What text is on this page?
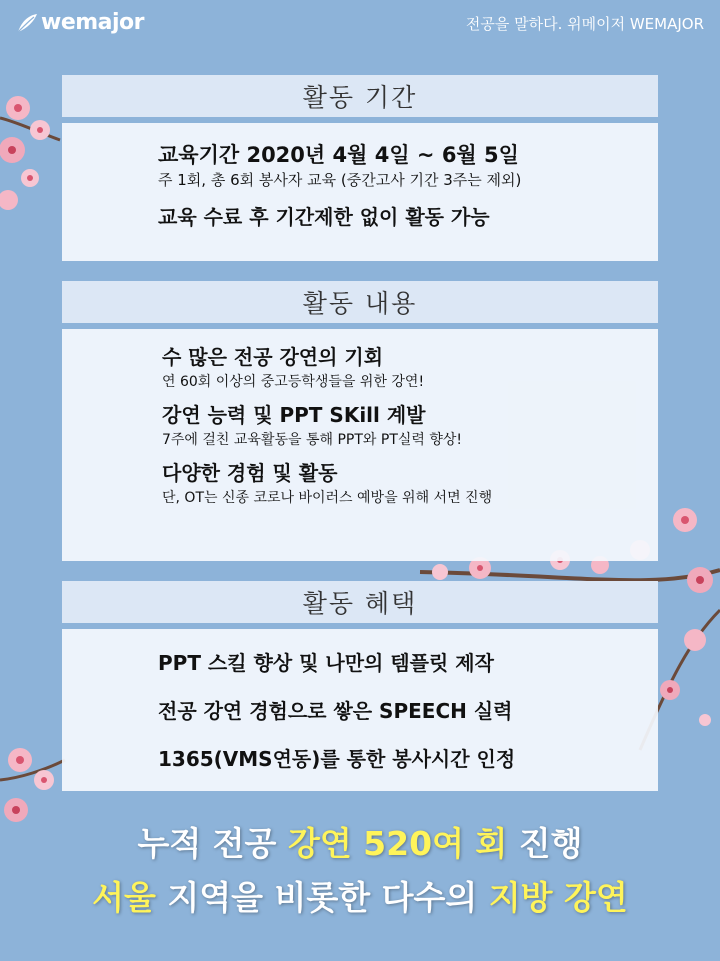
wemajor	전공을 말하다. 위메이저 WEMAJOR
활동 기간
교육기간 2020년 4월 4일 ~ 6월 5일
주 1회, 총 6회 봉사자 교육 (중간고사 기간 3주는 제외)
교육 수료 후 기간제한 없이 활동 가능
활동 내용
수 많은 전공 강연의 기회
연 60회 이상의 중고등학생들을 위한 강연!
강연 능력 및 PPT SKill 계발
7주에 걸친 교육활동을 통해 PPT와 PT실력 향상!
다양한 경험 및 활동
단, OT는 신종 코로나 바이러스 예방을 위해 서면 진행
활동 혜택
PPT 스킬 향상 및 나만의 템플릿 제작
전공 강연 경험으로 쌓은 SPEECH 실력
1365(VMS연동)를 통한 봉사시간 인정
누적 전공 강연 520여 회 진행
서울 지역을 비롯한 다수의 지방 강연
